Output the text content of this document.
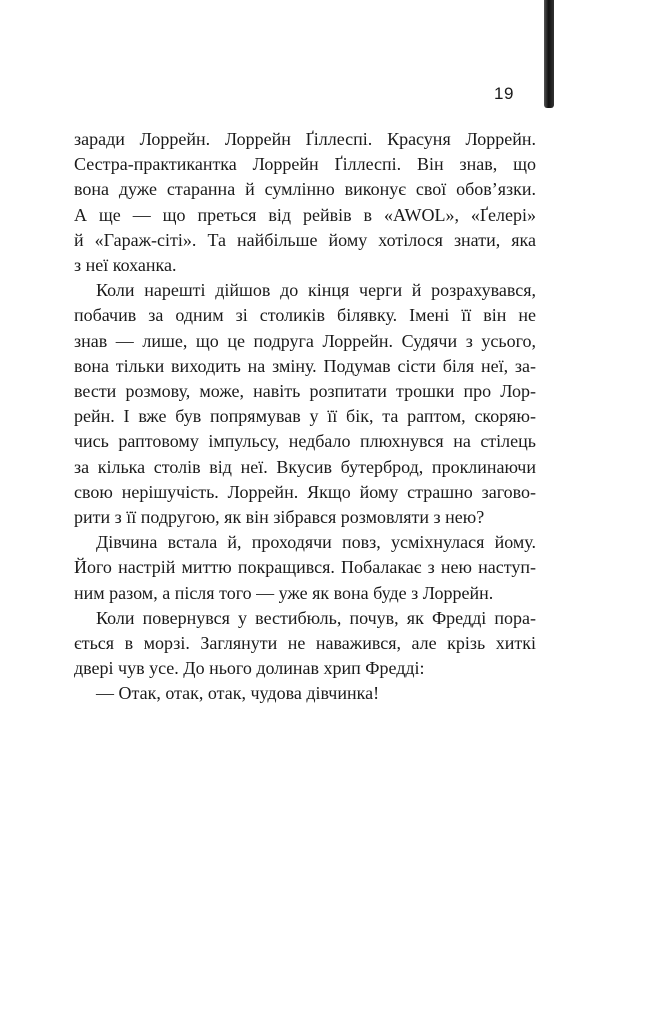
19

заради Лоррейн. Лоррейн Ґіллеспі. Красуня Лоррейн.
Сестра-практикантка Лоррейн Ґіллеспі. Він знав, що
вона дуже старанна й сумлінно виконує свої обов’язки.
А ще — що преться від рейвів в «AWOL», «Ґелері»
й «Гараж-сіті». Та найбільше йому хотілося знати, яка
з неї коханка.

Коли нарешті дійшов до кінця черги й розрахувався,
побачив за одним зі столиків білявку. Імені її він не
знав — лише, що це подруга Лоррейн. Судячи з усього,
вона тільки виходить на зміну. Подумав сісти біля неї, за-
вести розмову, може, навіть розпитати трошки про Лор-
рейн. І вже був попрямував у її бік, та раптом, скоряю-
чись раптовому імпульсу, недбало плюхнувся на стілець
за кілька столів від неї. Вкусив бутерброд, проклинаючи
свою нерішучість. Лоррейн. Якщо йому страшно загово-
рити з її подругою, як він зібрався розмовляти з нею?

Дівчина встала й, проходячи повз, усміхнулася йому.
Його настрій миттю покращився. Побалакає з нею наступ-
ним разом, а після того — уже як вона буде з Лоррейн.

Коли повернувся у вестибюль, почув, як Фредді пора-
ється в морзі. Заглянути не наважився, але крізь хиткі
двері чув усе. До нього долинав хрип Фредді:

— Отак, отак, отак, чудова дівчинка!
